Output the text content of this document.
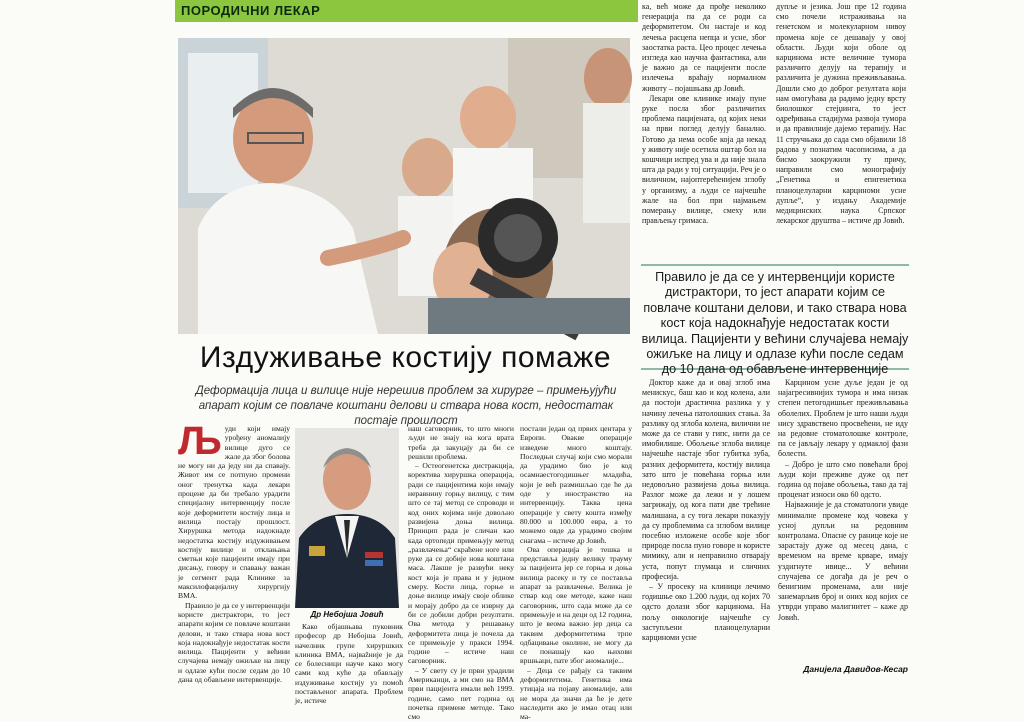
ПОРОДИЧНИ ЛЕКАР
Издуживање костију помаже
Деформација лица и вилице није нерешив проблем за хирурге – примењујући апарат којим се повлаче коштани делови и ствара нова кост, недостатак постаје прошлост
Љ уди који имају урођену аномалију вилице дуго се жале да због болова не могу ни да једу ни да спавају. Живот им се потпуно промени оног тренутка када лекари процене да би требало урадити специјалну интервенцију после које деформитети костију лица и вилица постају прошлост. Хируршка метода надокнаде недостатка костију издуживањем костију вилице и отклањања сметњи које пацијенти имају при дисању, говору и спавању важан је сегмент рада Клинике за максилофацијалну хирургију ВМА.

Правило је да се у интервенцији користе дистрактори, то јест апарати којим се повлаче коштани делови, и тако ствара нова кост која надокнађује недостатак кости вилица. Пацијенти у већини случајева немају ожиљке на лицу и одлазе кући после седам до 10 дана од обављене интервенције.

Др Небојша Јовић

Како објашњава пуковник професор др Небојша Јовић, начелник групе хируршких клиника ВМА, највažније је да се болесници науче како могу сами код куће да обављају издуживање костију уз помоћ постављеног апарата. Проблем је, истиче

наш саговорник, то што многи људи не знају на кога врата треба да закуцају да би се решили проблема.

– Остеогенетска дистракција, коректива хируршка операција, ради се пацијентима који имају неравнину горњу вилицу, с тим што се тај метод се спроводи и код оних којима није довољно развијена доња вилица. Принцип рада је сличан као када ортопеди примењују метод „развлачења“ скраћене ноге или руке да се добије нова коштана маса. Лакше је развући неку кост која је права и у једном смеру. Кости лица, горње и доње вилице имају своје облике и морају добро да се изврну да би се добили добри резултати. Ова метода у решавању деформитета лица је почела да се примењује у пракси 1994. године – истиче наш саговорник.

– У свету су је први урадили Американци, а ми смо на ВМА први пацијента имали већ 1999. године, само пет година од почетка примене методе. Тако смо

постали један од првих центара у Европи. Овакве операције изведене много коштају. Последњи случај који смо морали да урадимо био је код осамнаестогодишњег младића, који је већ размишљао где ће да оде у иностранство на интервенцију. Таква цена операције у свету кошта између 80.000 и 100.000 евра, а то можемо овде да урадимо својим снагама – истиче др Јовић.

Ова операција је тешка и представља једну велику трауму за пацијента јер се горња и доња вилица расеку и ту се поставља апарат за развлачење. Велика је ствар код ове методе, каже наш саговорник, што сада може да се примењује и на деци од 12 година, што је веома важно јер деца са таквим деформитетима трпе одбацивање околине, не могу да се понашају као њихови вршњаци, пате због аномалије...

– Деца се рађају са таквим деформитетима. Генетика има утицаја на појаву аномалије, али не мора да значи да ће је дете наследити ако је имао отац или ма-

ка, већ може да прође неколико генерација па да се роди са деформитетом. Он настаје и код лечења расцепа непца и усне, због заостатка раста. Цео процес лечења изгледа као научна фантастика, али је важно да се пацијенти после излечења враћају нормалном животу – појашњава др Јовић.

Лекари ове клинике имају пуне руке посла због различитих проблема пацијената, од којих неки на први поглед делују банално. Готово да нема особе која да некад у животу није осетила оштар бол на кошчици испред ува и да није знала шта да ради у тој ситуацији. Реч је о виличном, најоптерећенијем зглобу у организму, а људи се најчешће жале на бол при најмањем померању вилице, смеху или прављењу гримаса.

дупље и језика. Још пре 12 година смо почели истраживања на генетском и молекуларном нивоу промена које се дешавају у овој области. Људи који оболе од карцинома исте величине тумора различито делују на терапију и различита је дужина преживљавања. Дошли смо до доброг резултата који нам омогућава да радимо једну врсту биолошког стејџинга, то јест одређивања стадијума развоја тумора и да правилније дајемо терапију. Нас 11 стручњака до сада смо објавили 18 радова у познатим часописима, а да бисмо заокружили ту причу, направили смо монографију „Генетика и епигенетика планоцелуларни карциноми усне дупље“, у издању Академије медицинских наука Српског лекарског друштва – истиче др Јовић.

Правило је да се у интервенцији користе дистрактори, то јест апарати којим се повлаче коштани делови, и тако ствара нова кост која надокнађује недостатак кости вилица. Пацијенти у већини случајева немају ожиљке на лицу и одлазе кући после седам до 10 дана од обављене интервенције

Доктор каже да и овај зглоб има менискус, баш као и код колена, али да постоји драстична разлика у у начину лечења патолошких стања. За разлику од зглоба колена, вилични не може да се стави у гипс, нити да се имобилише. Обољење зглоба вилице најчешће настаје због губитка зуба, разних деформитета, костију вилица зато што је повећана горња или недовољно развијена доња вилица. Разлог може да лежи и у лошем загрижају, од кога пати две трећине малишана, а су тога лекари показују да су проблемима са зглобом вилице посебно изложене особе које због природе посла пуно говоре и користе мимику, али и неправилно отварају уста, попут глумаца и сличних професија.

– У просеку на клиници лечимо годишње око 1.200 људи, од којих 70 одсто долази због карцинома. На пољу онкологије најчешће су заступљени планоцелуларни карциноми усне

Карцином усне дуље један је од најагресивнијих тумора и има низак степен петогодишњег преживљавања оболелих. Проблем је што наши људи нису здравствено просвећени, не иду на редовне стоматолошке контроле, па се јављају лекару у одмаклој фази болести.

– Добро је што смо повећали број људи који преживе дуже од пет година од појаве обољења, тако да тај проценат износи око 60 одсто.

Најважније је да стоматологи увиде минималне промене код човека у усној дупљи на редовним контролама. Опасне су ранице које не зарастају дуже од месец дана, с временом на време крваре, имају уздигнуте ивице... У већини случајева се догађа да је реч о бенигним променама, али није занемарљив број и оних код којих се утврди управо малигнитет – каже др Јовић.

Данијела Давидов-Кесар
